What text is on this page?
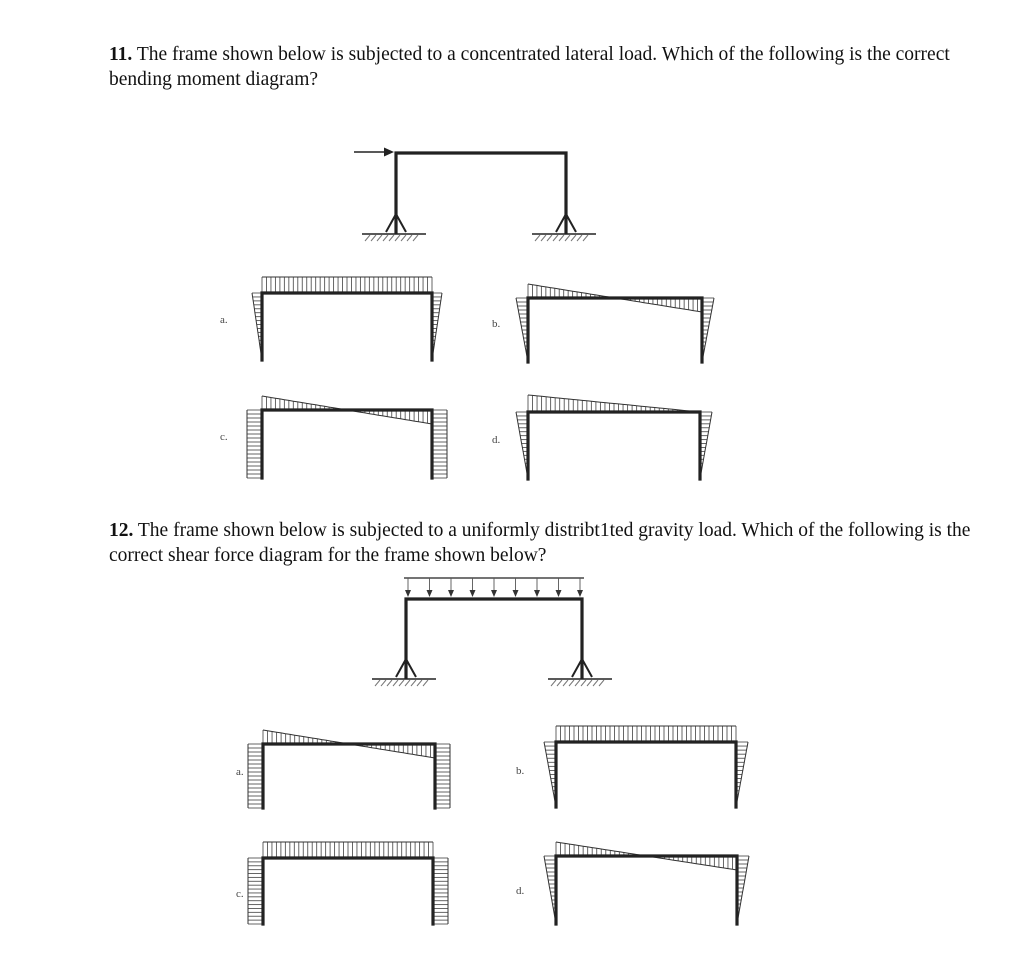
11. The frame shown below is subjected to a concentrated lateral load. Which of the following is the correct bending moment diagram?
a.	b.
c.	d.
12. The frame shown below is subjected to a uniformly distribt1ted gravity load. Which of the following is the correct shear force diagram for the frame shown below?
a.	b.
c.	d.
